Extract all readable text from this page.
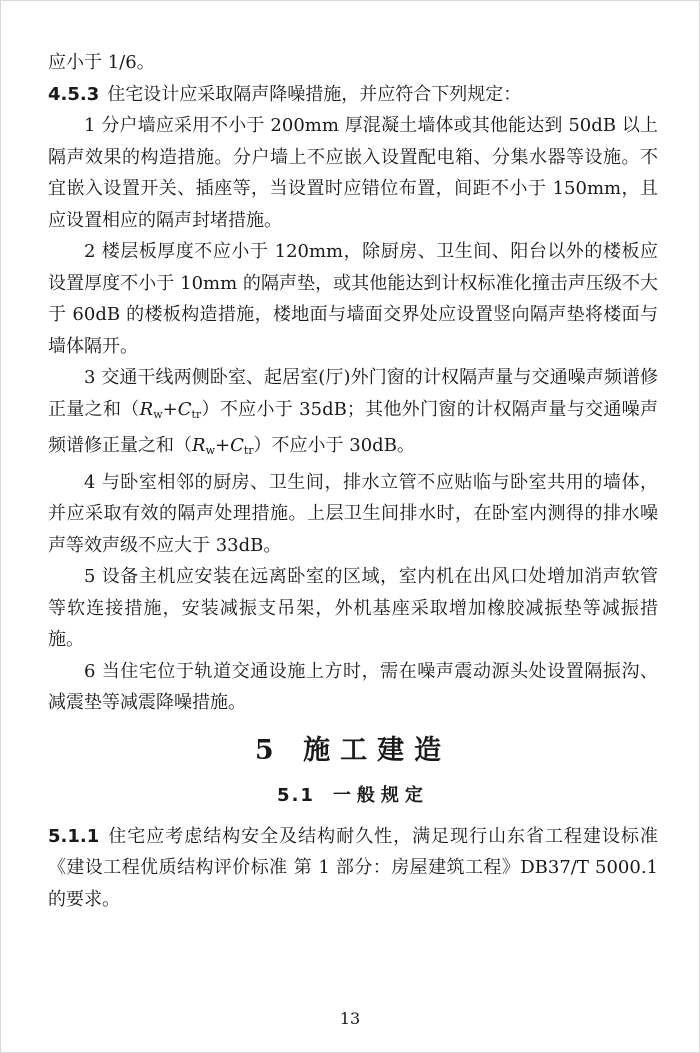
应小于 1/6。

4.5.3 住宅设计应采取隔声降噪措施，并应符合下列规定：

1 分户墙应采用不小于 200mm 厚混凝土墙体或其他能达到 50dB 以上隔声效果的构造措施。分户墙上不应嵌入设置配电箱、分集水器等设施。不宜嵌入设置开关、插座等，当设置时应错位布置，间距不小于 150mm，且应设置相应的隔声封堵措施。

2 楼层板厚度不应小于 120mm，除厨房、卫生间、阳台以外的楼板应设置厚度不小于 10mm 的隔声垫，或其他能达到计权标准化撞击声压级不大于 60dB 的楼板构造措施，楼地面与墙面交界处应设置竖向隔声垫将楼面与墙体隔开。

3 交通干线两侧卧室、起居室(厅)外门窗的计权隔声量与交通噪声频谱修正量之和$(R_w+C_{tr})$不应小于 35dB；其他外门窗的计权隔声量与交通噪声频谱修正量之和$(R_w+C_{tr})$不应小于 30dB。

4 与卧室相邻的厨房、卫生间，排水立管不应贴临与卧室共用的墙体，并应采取有效的隔声处理措施。上层卫生间排水时，在卧室内测得的排水噪声等效声级不应大于 33dB。

5 设备主机应安装在远离卧室的区域，室内机在出风口处增加消声软管等软连接措施，安装减振支吊架，外机基座采取增加橡胶减振垫等减振措施。

6 当住宅位于轨道交通设施上方时，需在噪声震动源头处设置隔振沟、减震垫等减震降噪措施。

5 施工建造
5.1 一般规定

5.1.1 住宅应考虑结构安全及结构耐久性，满足现行山东省工程建设标准《建设工程优质结构评价标准 第 1 部分：房屋建筑工程》DB37/T 5000.1 的要求。

13
